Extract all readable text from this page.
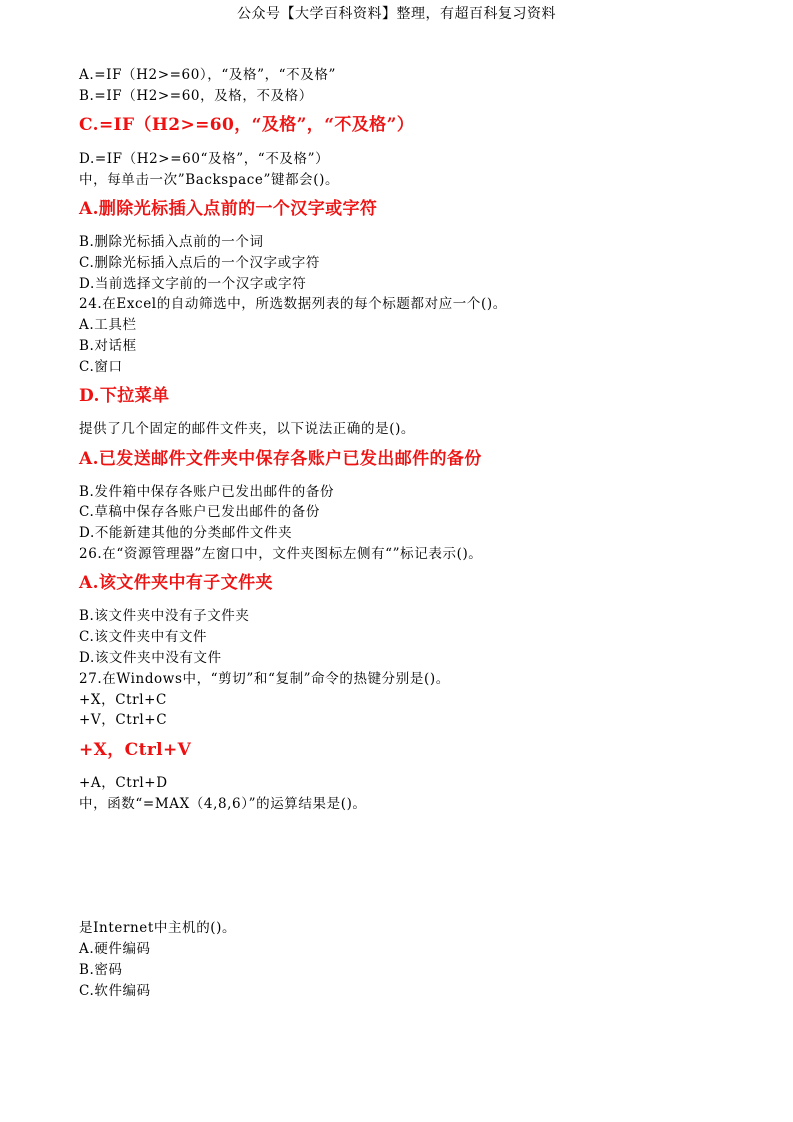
公众号【大学百科资料】整理，有超百科复习资料
A.=IF（H2>=60），“及格”，“不及格”
B.=IF（H2>=60，及格，不及格）
C.=IF（H2>=60，“及格”，“不及格”）
D.=IF（H2>=60“及格”，“不及格”）
中，每单击一次”Backspace”键都会()。
A.删除光标插入点前的一个汉字或字符
B.删除光标插入点前的一个词
C.删除光标插入点后的一个汉字或字符
D.当前选择文字前的一个汉字或字符
24.在Excel的自动筛选中，所选数据列表的每个标题都对应一个()。
A.工具栏
B.对话框
C.窗口
D.下拉菜单
提供了几个固定的邮件文件夹，以下说法正确的是()。
A.已发送邮件文件夹中保存各账户已发出邮件的备份
B.发件箱中保存各账户已发出邮件的备份
C.草稿中保存各账户已发出邮件的备份
D.不能新建其他的分类邮件文件夹
26.在“资源管理器”左窗口中，文件夹图标左侧有“”标记表示()。
A.该文件夹中有子文件夹
B.该文件夹中没有子文件夹
C.该文件夹中有文件
D.该文件夹中没有文件
27.在Windows中，“剪切”和“复制”命令的热键分别是()。
+X，Ctrl+C
+V，Ctrl+C
+X，Ctrl+V
+A，Ctrl+D
中，函数“=MAX（4,8,6）”的运算结果是()。
是Internet中主机的()。
A.硬件编码
B.密码
C.软件编码
